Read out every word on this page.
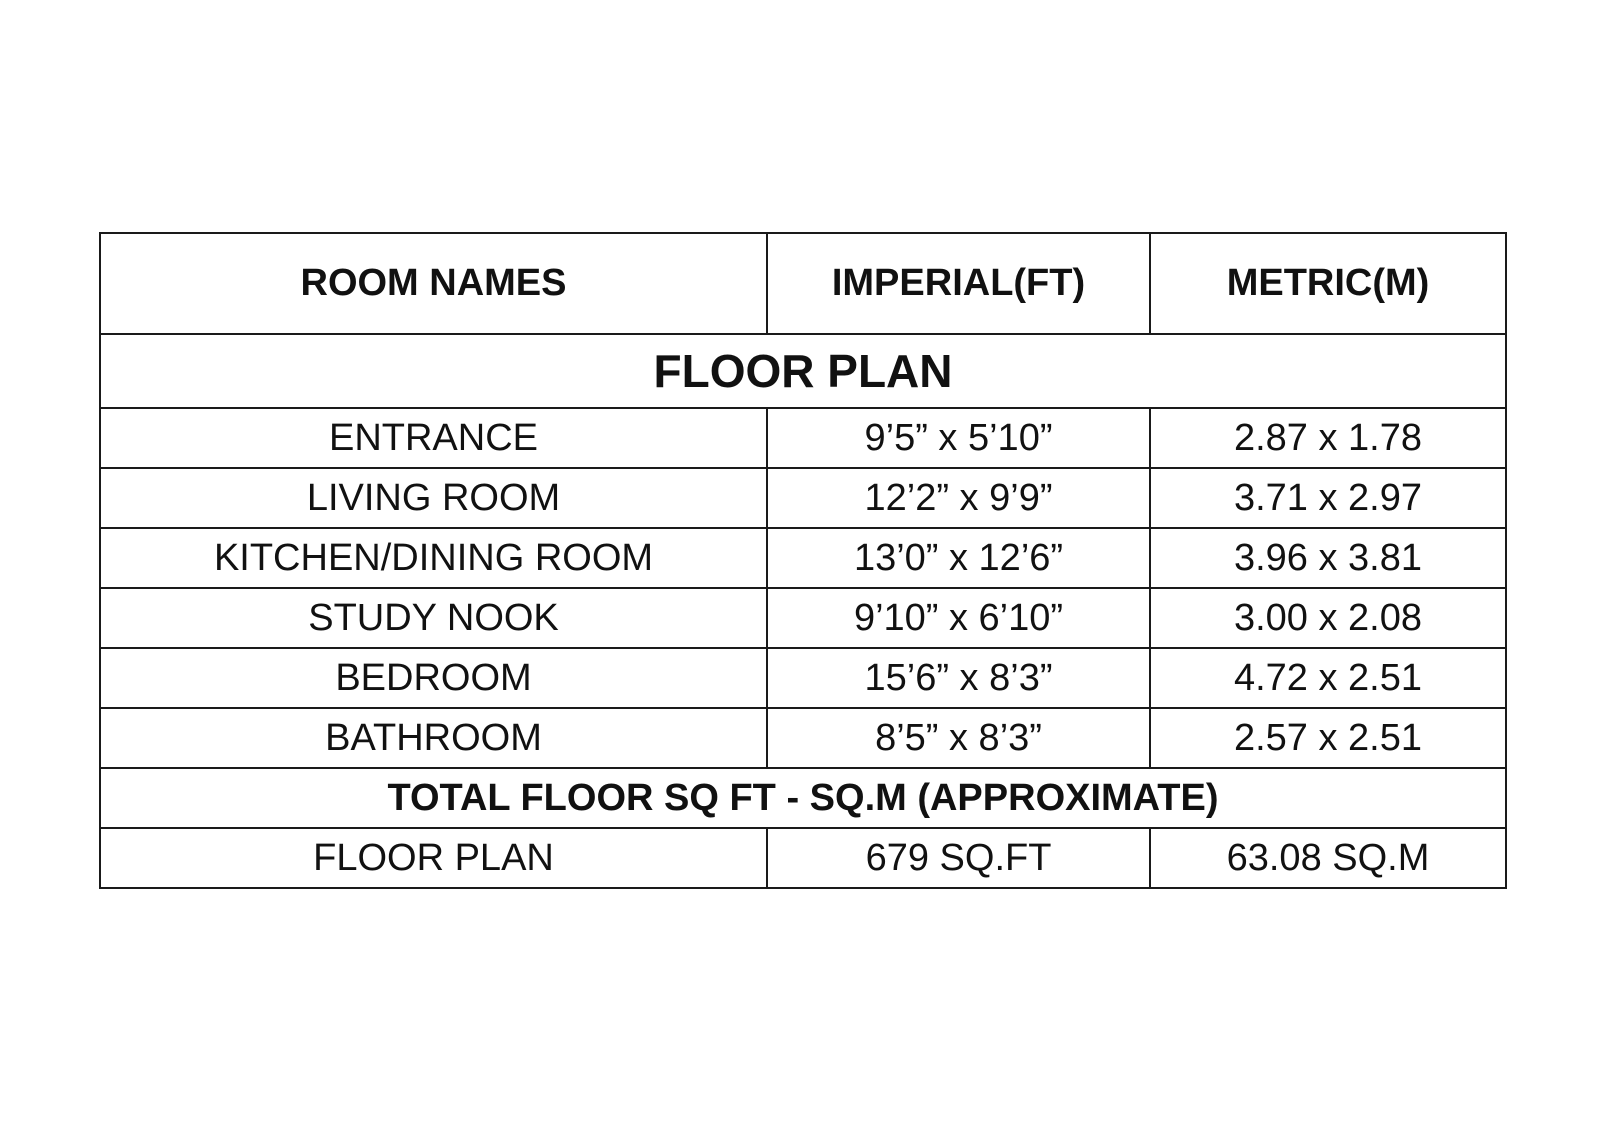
ROOM NAMES	IMPERIAL(FT)	METRIC(M)
FLOOR PLAN		
ENTRANCE	9’5” x 5’10”	2.87 x 1.78
LIVING ROOM	12’2” x 9’9”	3.71 x 2.97
KITCHEN/DINING ROOM	13’0” x 12’6”	3.96 x 3.81
STUDY NOOK	9’10” x 6’10”	3.00 x 2.08
BEDROOM	15’6” x 8’3”	4.72 x 2.51
BATHROOM	8’5” x 8’3”	2.57 x 2.51
TOTAL FLOOR SQ FT - SQ.M (APPROXIMATE)		
FLOOR PLAN	679 SQ.FT	63.08 SQ.M
